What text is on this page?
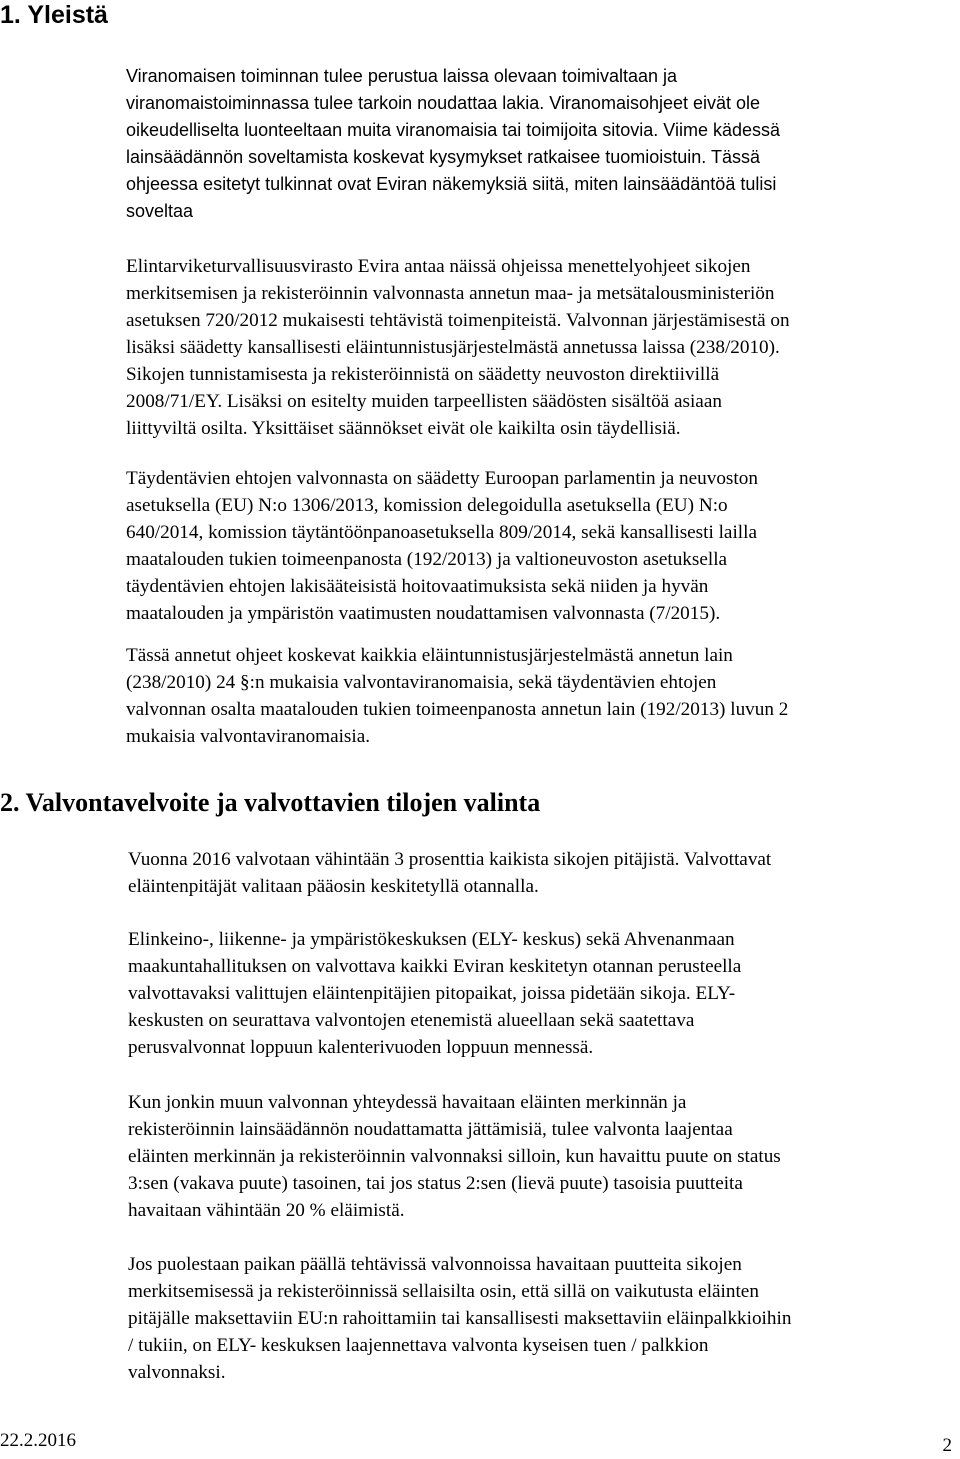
1. Yleistä
Viranomaisen toiminnan tulee perustua laissa olevaan toimivaltaan ja
viranomaistoiminnassa tulee tarkoin noudattaa lakia. Viranomaisohjeet eivät ole
oikeudelliselta luonteeltaan muita viranomaisia tai toimijoita sitovia. Viime kädessä
lainsäädännön soveltamista koskevat kysymykset ratkaisee tuomioistuin. Tässä
ohjeessa esitetyt tulkinnat ovat Eviran näkemyksiä siitä, miten lainsäädäntöä tulisi
soveltaa
Elintarviketurvallisuusvirasto Evira antaa näissä ohjeissa menettelyohjeet sikojen
merkitsemisen ja rekisteröinnin valvonnasta annetun maa- ja metsätalousministeriön
asetuksen 720/2012 mukaisesti tehtävistä toimenpiteistä. Valvonnan järjestämisestä on
lisäksi säädetty kansallisesti eläintunnistusjärjestelmästä annetussa laissa (238/2010).
Sikojen tunnistamisesta ja rekisteröinnistä on säädetty neuvoston direktiivillä
2008/71/EY. Lisäksi on esitelty muiden tarpeellisten säädösten sisältöä asiaan
liittyviltä osilta. Yksittäiset säännökset eivät ole kaikilta osin täydellisiä.
Täydentävien ehtojen valvonnasta on säädetty Euroopan parlamentin ja neuvoston
asetuksella (EU) N:o 1306/2013, komission delegoidulla asetuksella (EU) N:o
640/2014, komission täytäntöönpanoasetuksella 809/2014, sekä kansallisesti lailla
maatalouden tukien toimeenpanosta (192/2013) ja valtioneuvoston asetuksella
täydentävien ehtojen lakisääteisistä hoitovaatimuksista sekä niiden ja hyvän
maatalouden ja ympäristön vaatimusten noudattamisen valvonnasta (7/2015).
Tässä annetut ohjeet koskevat kaikkia eläintunnistusjärjestelmästä annetun lain
(238/2010) 24 §:n mukaisia valvontaviranomaisia, sekä täydentävien ehtojen
valvonnan osalta maatalouden tukien toimeenpanosta annetun lain (192/2013) luvun 2
mukaisia valvontaviranomaisia.
2. Valvontavelvoite ja valvottavien tilojen valinta
Vuonna 2016 valvotaan vähintään 3 prosenttia kaikista sikojen pitäjistä. Valvottavat
eläintenpitäjät valitaan pääosin keskitetyllä otannalla.
Elinkeino-, liikenne- ja ympäristökeskuksen (ELY- keskus) sekä Ahvenanmaan
maakuntahallituksen on valvottava kaikki Eviran keskitetyn otannan perusteella
valvottavaksi valittujen eläintenpitäjien pitopaikat, joissa pidetään sikoja. ELY-
keskusten on seurattava valvontojen etenemistä alueellaan sekä saatettava
perusvalvonnat loppuun kalenterivuoden loppuun mennessä.
Kun jonkin muun valvonnan yhteydessä havaitaan eläinten merkinnän ja
rekisteröinnin lainsäädännön noudattamatta jättämisiä, tulee valvonta laajentaa
eläinten merkinnän ja rekisteröinnin valvonnaksi silloin, kun havaittu puute on status
3:sen (vakava puute) tasoinen, tai jos status 2:sen (lievä puute) tasoisia puutteita
havaitaan vähintään 20 % eläimistä.
Jos puolestaan paikan päällä tehtävissä valvonnoissa havaitaan puutteita sikojen
merkitsemisessä ja rekisteröinnissä sellaisilta osin, että sillä on vaikutusta eläinten
pitäjälle maksettaviin EU:n rahoittamiin tai kansallisesti maksettaviin eläinpalkkioihin
/ tukiin, on ELY- keskuksen laajennettava valvonta kyseisen tuen / palkkion
valvonnaksi.
22.2.2016	2
